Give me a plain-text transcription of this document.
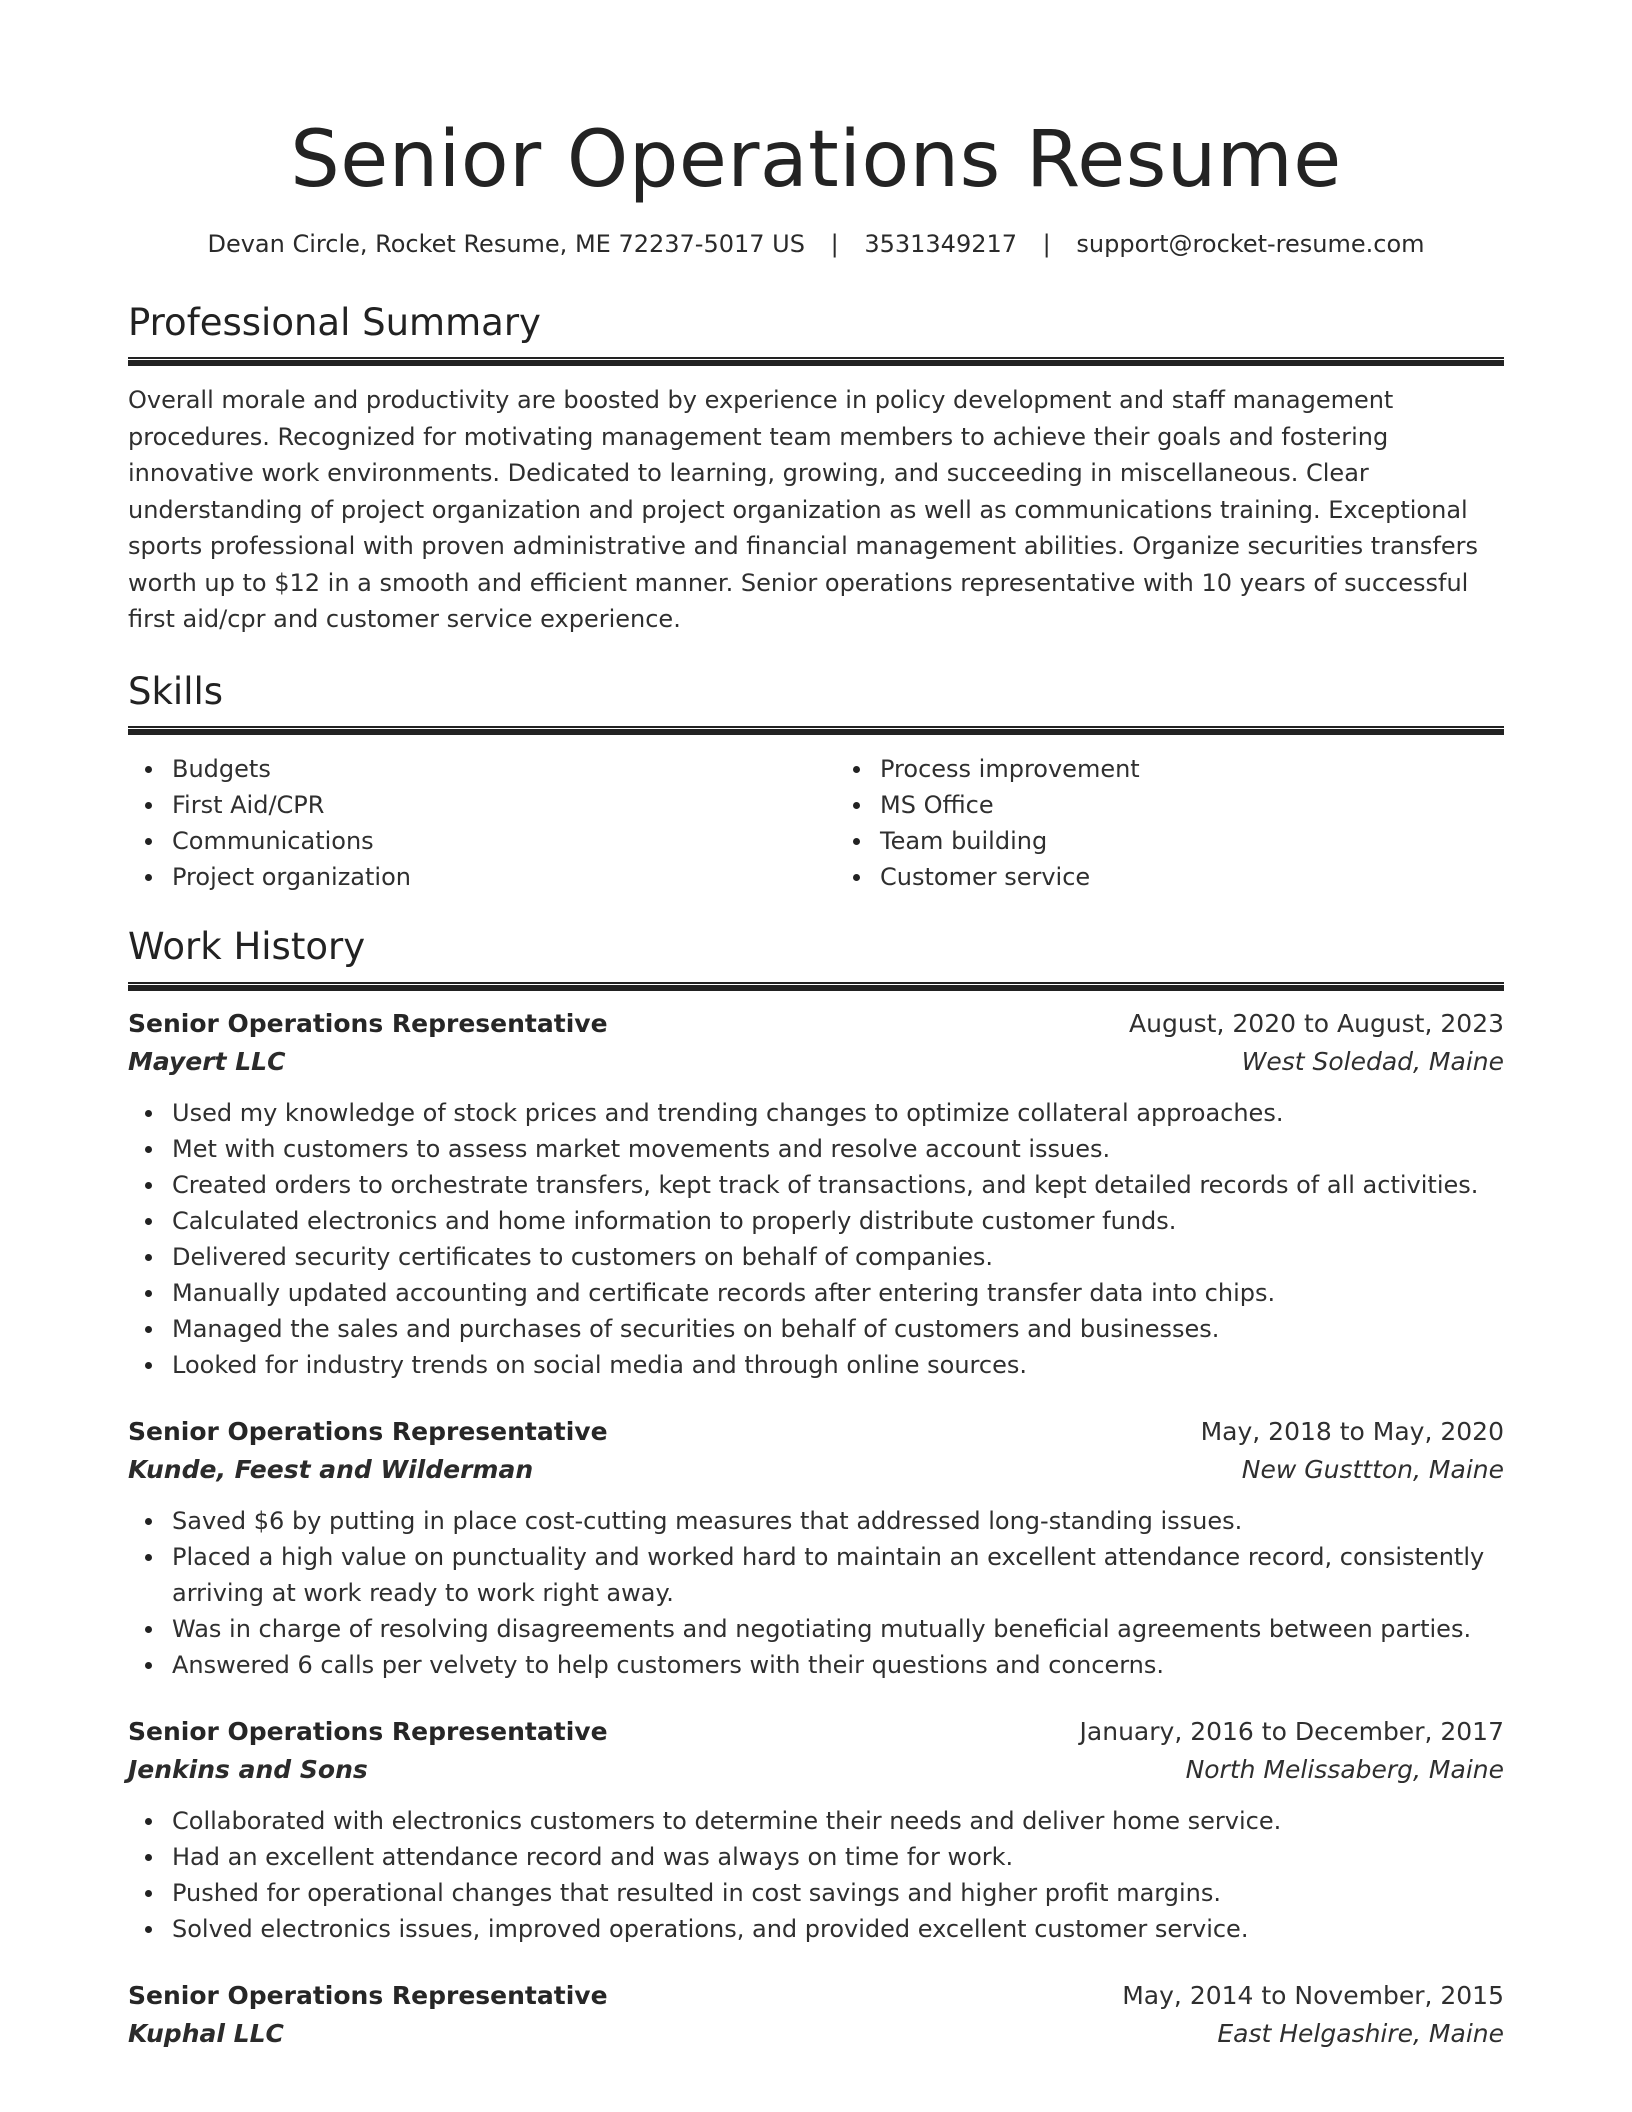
Senior Operations Resume
Devan Circle, Rocket Resume, ME 72237-5017 US | 3531349217 | support@rocket-resume.com
Professional Summary
Overall morale and productivity are boosted by experience in policy development and staff management procedures. Recognized for motivating management team members to achieve their goals and fostering innovative work environments. Dedicated to learning, growing, and succeeding in miscellaneous. Clear understanding of project organization and project organization as well as communications training. Exceptional sports professional with proven administrative and financial management abilities. Organize securities transfers worth up to $12 in a smooth and efficient manner. Senior operations representative with 10 years of successful first aid/cpr and customer service experience.
Skills
Budgets
First Aid/CPR
Communications
Project organization
Process improvement
MS Office
Team building
Customer service
Work History
Senior Operations Representative	August, 2020 to August, 2023
Mayert LLC	West Soledad, Maine
Used my knowledge of stock prices and trending changes to optimize collateral approaches.
Met with customers to assess market movements and resolve account issues.
Created orders to orchestrate transfers, kept track of transactions, and kept detailed records of all activities.
Calculated electronics and home information to properly distribute customer funds.
Delivered security certificates to customers on behalf of companies.
Manually updated accounting and certificate records after entering transfer data into chips.
Managed the sales and purchases of securities on behalf of customers and businesses.
Looked for industry trends on social media and through online sources.
Senior Operations Representative	May, 2018 to May, 2020
Kunde, Feest and Wilderman	New Gusttton, Maine
Saved $6 by putting in place cost-cutting measures that addressed long-standing issues.
Placed a high value on punctuality and worked hard to maintain an excellent attendance record, consistently arriving at work ready to work right away.
Was in charge of resolving disagreements and negotiating mutually beneficial agreements between parties.
Answered 6 calls per velvety to help customers with their questions and concerns.
Senior Operations Representative	January, 2016 to December, 2017
Jenkins and Sons	North Melissaberg, Maine
Collaborated with electronics customers to determine their needs and deliver home service.
Had an excellent attendance record and was always on time for work.
Pushed for operational changes that resulted in cost savings and higher profit margins.
Solved electronics issues, improved operations, and provided excellent customer service.
Senior Operations Representative	May, 2014 to November, 2015
Kuphal LLC	East Helgashire, Maine
